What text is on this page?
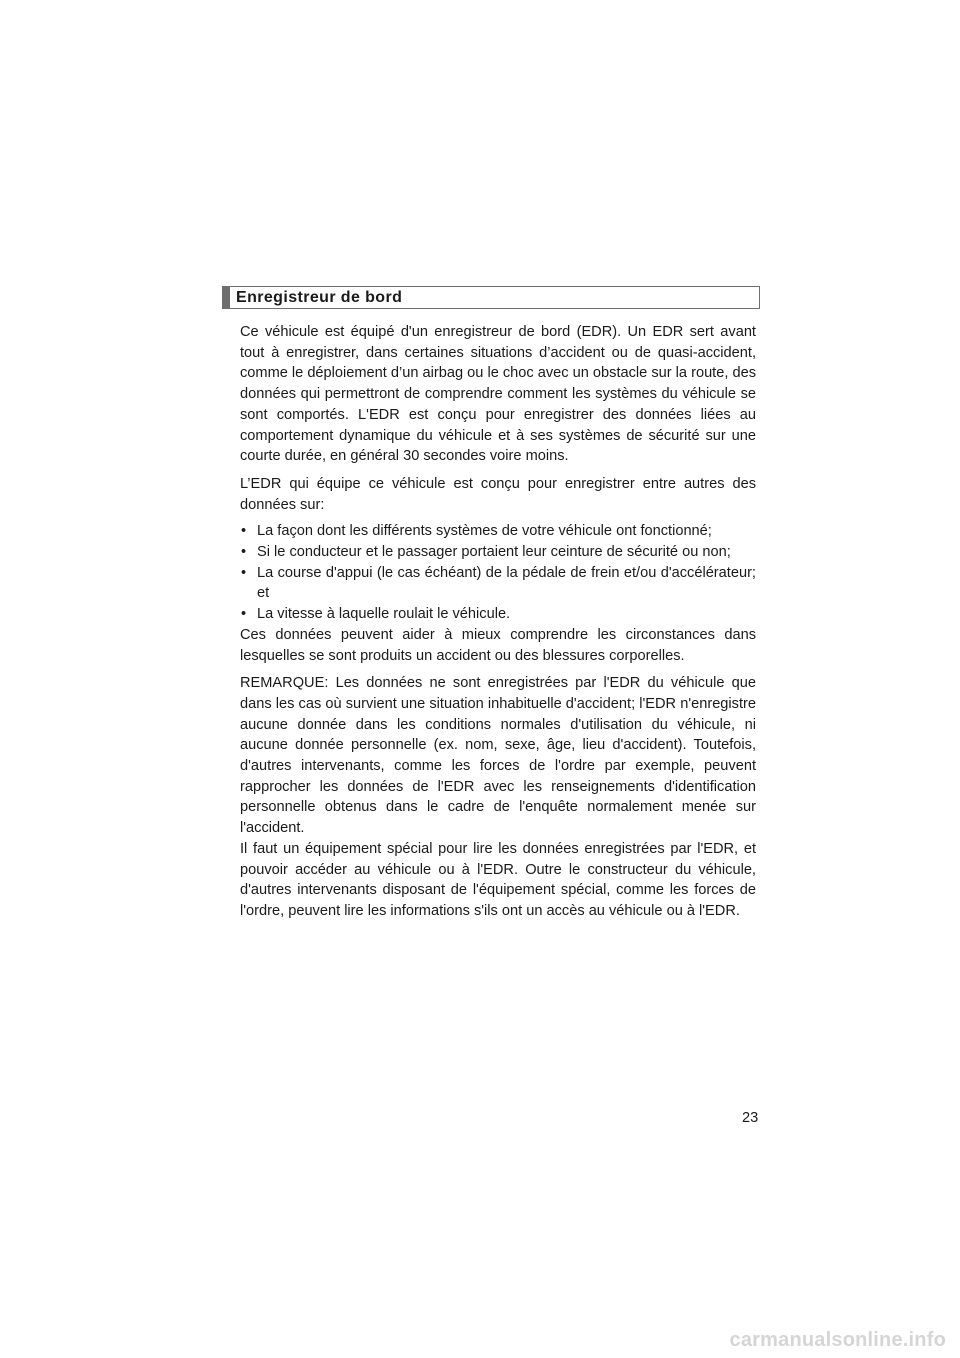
Enregistreur de bord

Ce véhicule est équipé d'un enregistreur de bord (EDR). Un EDR sert avant tout à enregistrer, dans certaines situations d’accident ou de quasi-accident, comme le déploiement d’un airbag ou le choc avec un obstacle sur la route, des données qui permettront de comprendre comment les systèmes du véhicule se sont comportés. L'EDR est conçu pour enregistrer des données liées au comportement dynamique du véhicule et à ses systèmes de sécurité sur une courte durée, en général 30 secondes voire moins.

L’EDR qui équipe ce véhicule est conçu pour enregistrer entre autres des données sur:

• La façon dont les différents systèmes de votre véhicule ont fonctionné;
• Si le conducteur et le passager portaient leur ceinture de sécurité ou non;
• La course d'appui (le cas échéant) de la pédale de frein et/ou d'accélérateur; et
• La vitesse à laquelle roulait le véhicule.

Ces données peuvent aider à mieux comprendre les circonstances dans lesquelles se sont produits un accident ou des blessures corporelles.

REMARQUE: Les données ne sont enregistrées par l'EDR du véhicule que dans les cas où survient une situation inhabituelle d'accident; l'EDR n'enregistre aucune donnée dans les conditions normales d'utilisation du véhicule, ni aucune donnée personnelle (ex. nom, sexe, âge, lieu d'accident). Toutefois, d'autres intervenants, comme les forces de l'ordre par exemple, peuvent rapprocher les données de l'EDR avec les renseignements d'identification personnelle obtenus dans le cadre de l'enquête normalement menée sur l'accident.

Il faut un équipement spécial pour lire les données enregistrées par l'EDR, et pouvoir accéder au véhicule ou à l'EDR. Outre le constructeur du véhicule, d'autres intervenants disposant de l'équipement spécial, comme les forces de l'ordre, peuvent lire les informations s'ils ont un accès au véhicule ou à l'EDR.

23
carmanualsonline.info
